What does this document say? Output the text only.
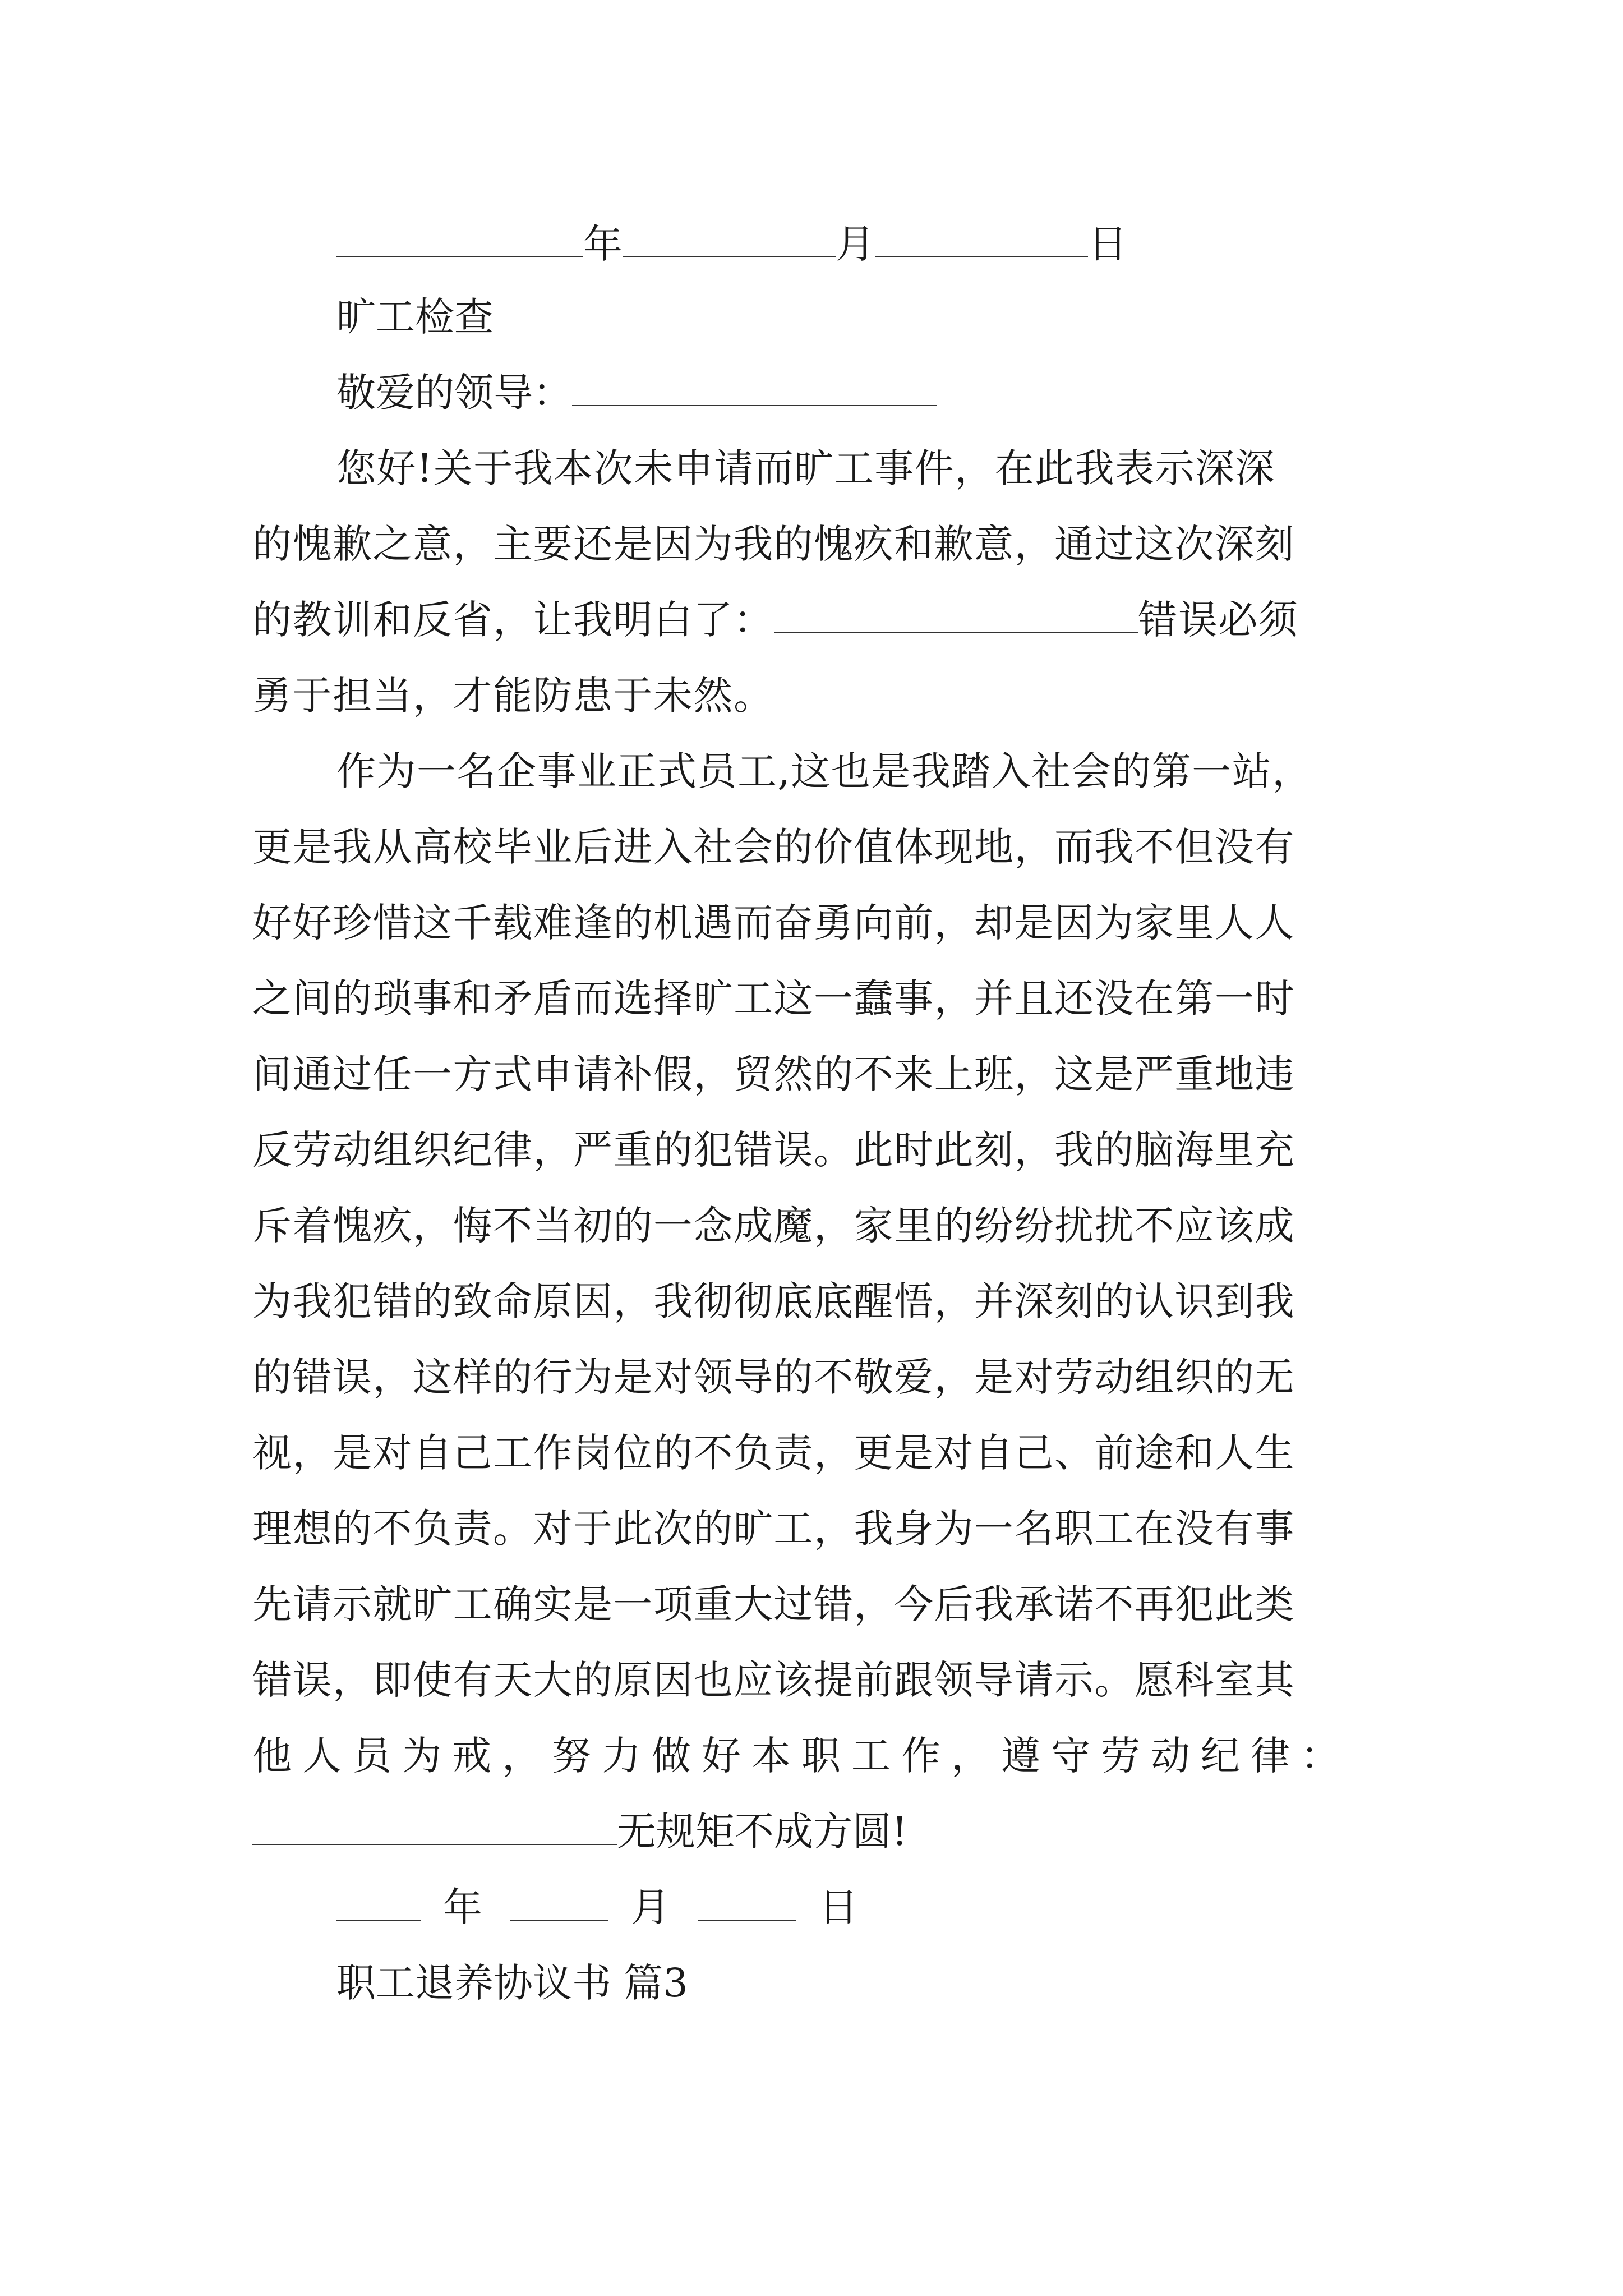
年	月	日
旷工检查
敬爱的领导：
您好!关于我本次未申请而旷工事件，在此我表示深深
的愧歉之意，主要还是因为我的愧疚和歉意，通过这次深刻
的教训和反省，让我明白了：	错误必须
勇于担当，才能防患于未然。
作为一名企事业正式员工,这也是我踏入社会的第一站，
更是我从高校毕业后进入社会的价值体现地，而我不但没有
好好珍惜这千载难逢的机遇而奋勇向前，却是因为家里人人
之间的琐事和矛盾而选择旷工这一蠢事，并且还没在第一时
间通过任一方式申请补假，贸然的不来上班，这是严重地违
反劳动组织纪律，严重的犯错误。此时此刻，我的脑海里充
斥着愧疚，悔不当初的一念成魔，家里的纷纷扰扰不应该成
为我犯错的致命原因，我彻彻底底醒悟，并深刻的认识到我
的错误，这样的行为是对领导的不敬爱，是对劳动组织的无
视，是对自己工作岗位的不负责，更是对自己、前途和人生
理想的不负责。对于此次的旷工，我身为一名职工在没有事
先请示就旷工确实是一项重大过错，今后我承诺不再犯此类
错误，即使有天大的原因也应该提前跟领导请示。愿科室其
他人员为戒，努力做好本职工作，遵守劳动纪律：
无规矩不成方圆!
年	月	日
职工退养协议书 篇3
